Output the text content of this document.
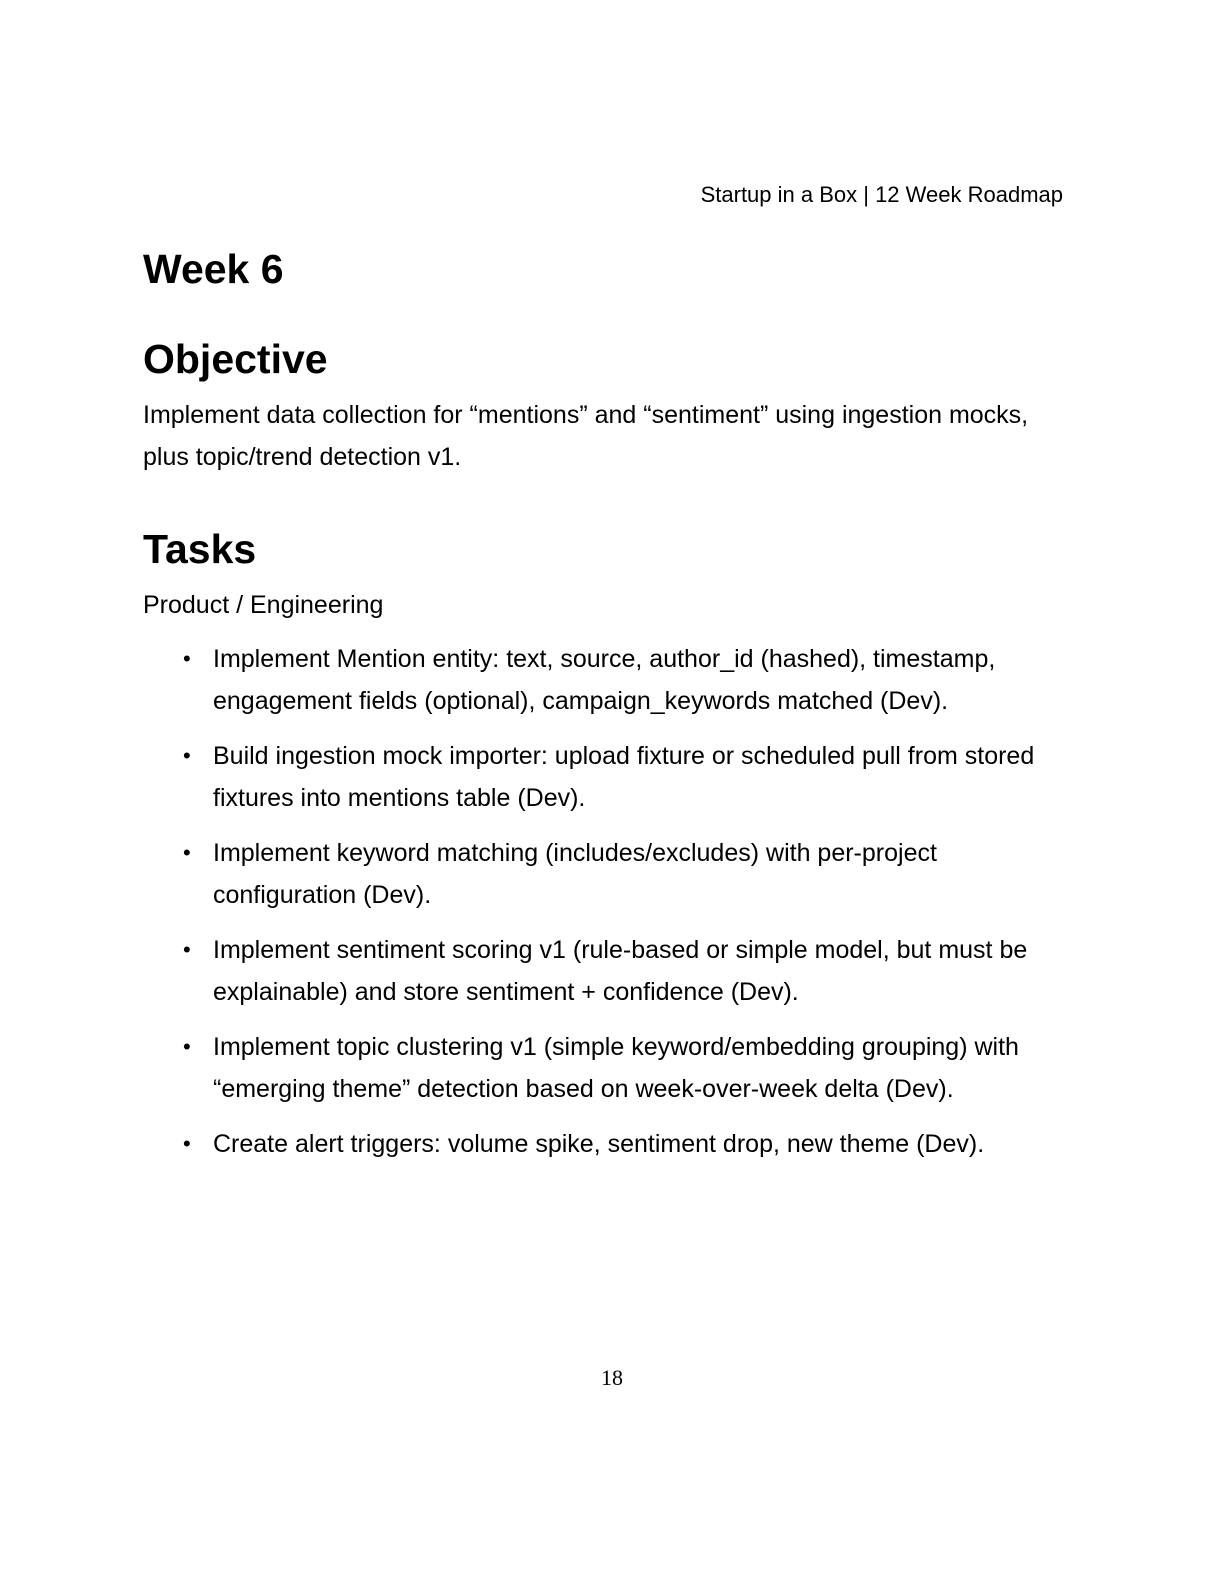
Startup in a Box | 12 Week Roadmap

Week 6
Objective

Implement data collection for “mentions” and “sentiment” using ingestion mocks, plus topic/trend detection v1.

Tasks

Product / Engineering

• Implement Mention entity: text, source, author_id (hashed), timestamp, engagement fields (optional), campaign_keywords matched (Dev).
• Build ingestion mock importer: upload fixture or scheduled pull from stored fixtures into mentions table (Dev).
• Implement keyword matching (includes/excludes) with per-project configuration (Dev).
• Implement sentiment scoring v1 (rule-based or simple model, but must be explainable) and store sentiment + confidence (Dev).
• Implement topic clustering v1 (simple keyword/embedding grouping) with “emerging theme” detection based on week-over-week delta (Dev).
• Create alert triggers: volume spike, sentiment drop, new theme (Dev).

18
